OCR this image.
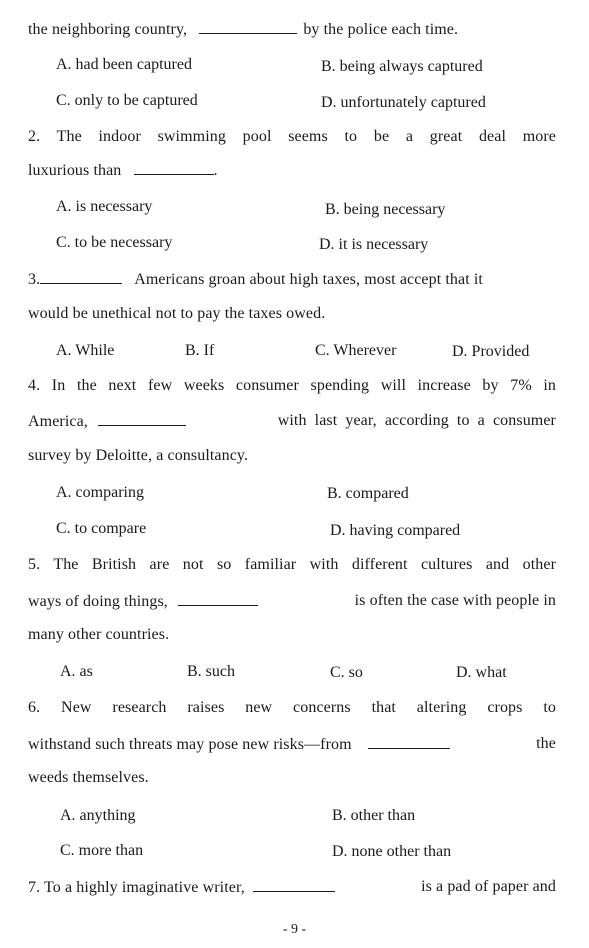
the neighboring country,	by the police each time.
A. had been captured	B. being always captured
C. only to be captured	D. unfortunately captured
2. The indoor swimming pool seems to be a great deal more
luxurious than	.
A. is necessary	B. being necessary
C. to be necessary	D. it is necessary
3.	Americans groan about high taxes, most accept that it
would be unethical not to pay the taxes owed.
A. While	B. If	C. Wherever	D. Provided
4. In the next few weeks consumer spending will increase by 7% in
America,	with last year, according to a consumer
survey by Deloitte, a consultancy.
A. comparing	B. compared
C. to compare	D. having compared
5. The British are not so familiar with different cultures and other
ways of doing things,	is often the case with people in
many other countries.
A. as	B. such	C. so	D. what
6. New research raises new concerns that altering crops to
withstand such threats may pose new risks—from	the
weeds themselves.
A. anything	B. other than
C. more than	D. none other than
7. To a highly imaginative writer,	is a pad of paper and
- 9 -
